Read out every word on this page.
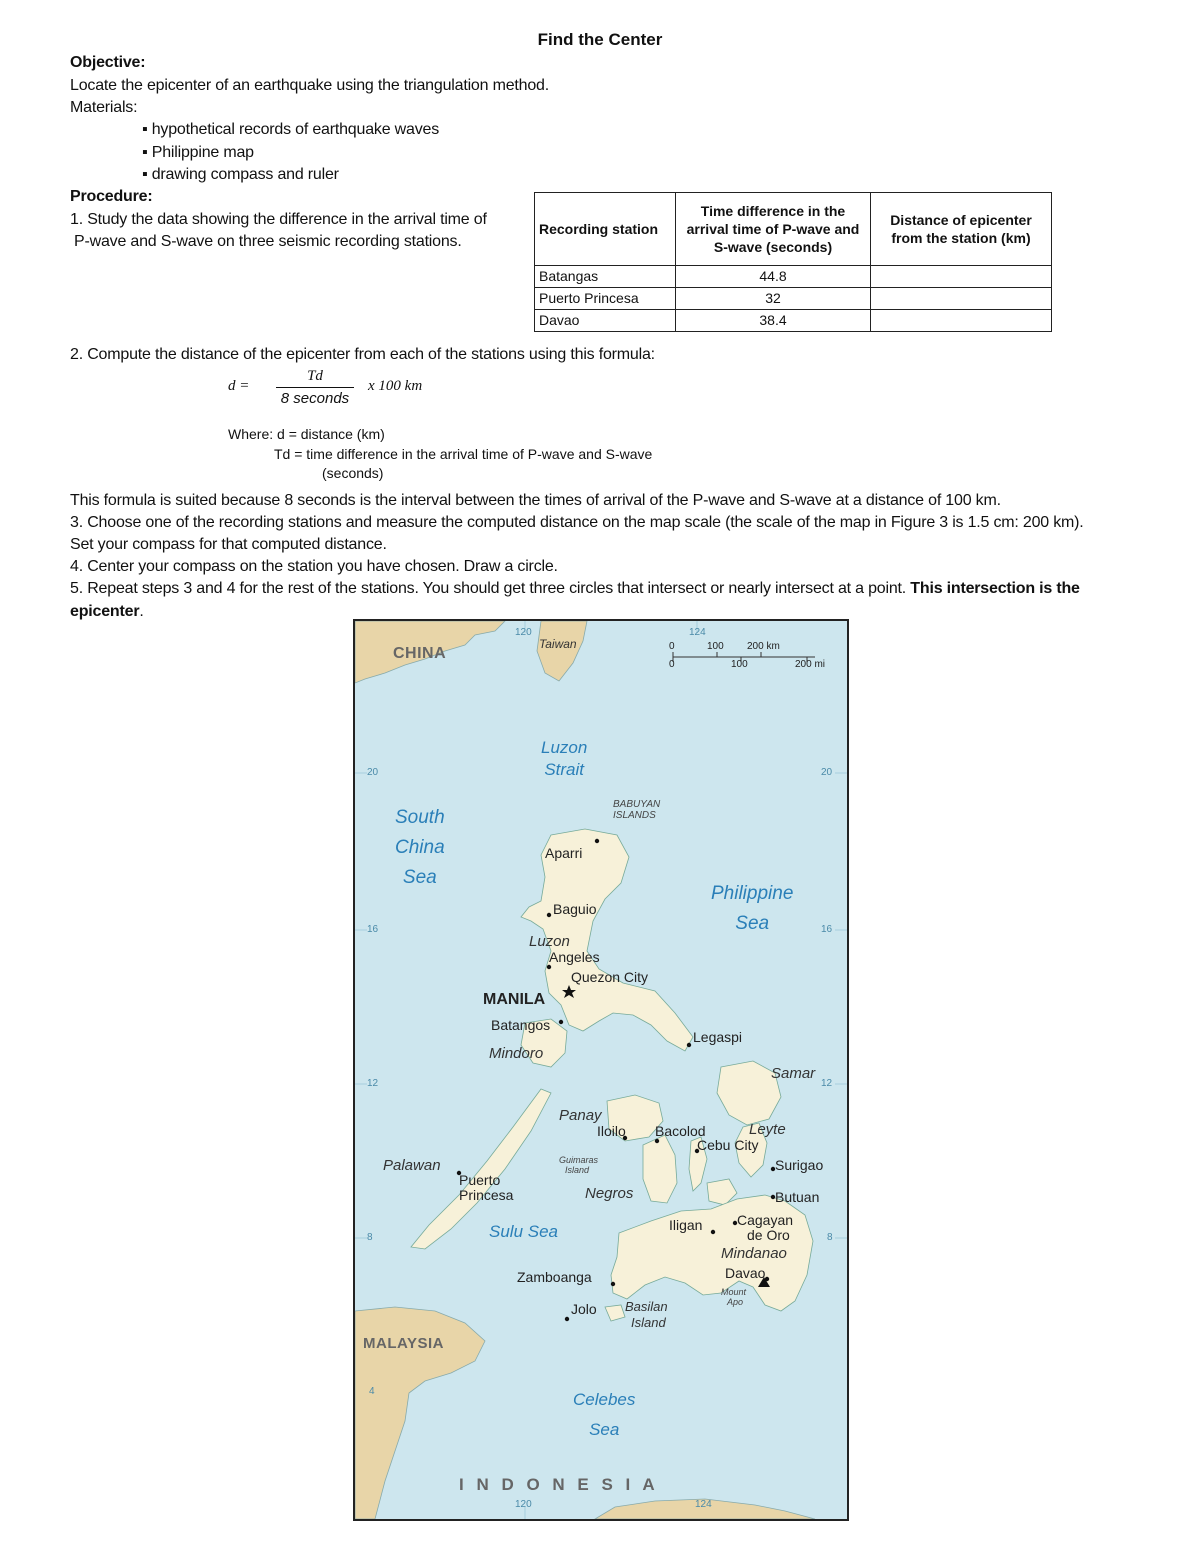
Find the Center
Objective:
Locate the epicenter of an earthquake using the triangulation method.
Materials:
▪ hypothetical records of earthquake waves
▪ Philippine map
▪ drawing compass and ruler
Procedure:
1. Study the data showing the difference in the arrival time of
P-wave and S-wave on three seismic recording stations.
Recording station	Time difference in the arrival time of P-wave and S-wave (seconds)	Distance of epicenter from the station (km)
Batangas	44.8	
Puerto Princesa	32	
Davao	38.4	
2. Compute the distance of the epicenter from each of the stations using this formula:
d =
Td
8 seconds
x 100 km
Where: d = distance (km)
Td = time difference in the arrival time of P-wave and S-wave
(seconds)
This formula is suited because 8 seconds is the interval between the times of arrival of the P-wave and S-wave at a distance of 100 km.
3. Choose one of the recording stations and measure the computed distance on the map scale (the scale of the map in Figure 3 is 1.5 cm: 200 km).
Set your compass for that computed distance.
4. Center your compass on the station you have chosen. Draw a circle.
5. Repeat steps 3 and 4 for the rest of the stations. You should get three circles that intersect or nearly intersect at a point. This intersection is the
epicenter.
120	124
120	124
20	20
16	16
12	12
8	8
4
0	100 200 km
0	100	200 mi
CHINA
MALAYSIA
I N D O N E S I A
Luzon
Strait
South
China
Sea
Philippine
Sea
Sulu Sea
Celebes
Sea
Taiwan
BABUYAN
ISLANDS
Luzon
Mindoro
Panay
Negros
Samar
Leyte
Palawan
Mindanao
Guimaras
Island
Basilan
Island
Mount
Apo
Aparri
Baguio
Angeles
Quezon City
MANILA
Batangos
Legaspi
Iloilo Bacolod
Cebu City
Surigao
Butuan
Puerto
Princesa
Iligan Cagayan
de Oro
Davao
Zamboanga
Jolo
